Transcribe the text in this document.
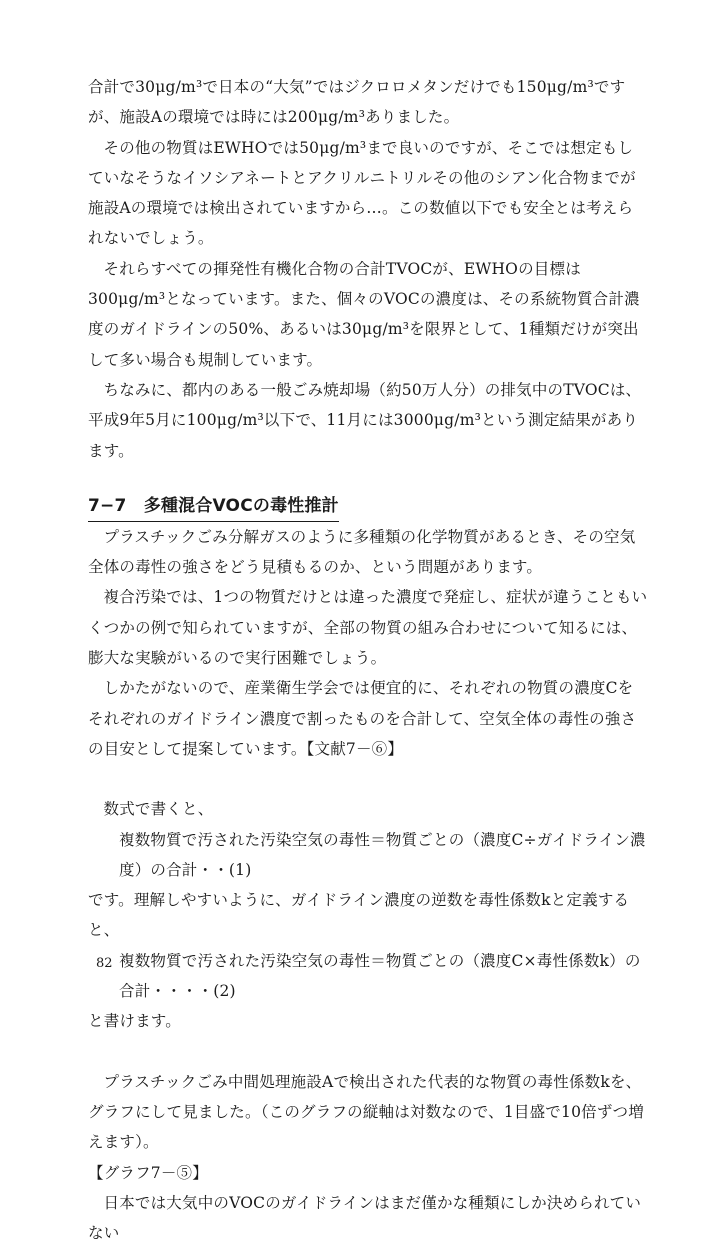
合計で30μg/m³で日本の“大気”ではジクロロメタンだけでも150μg/m³ですが、施設Aの環境では時には200μg/m³ありました。

その他の物質はEWHOでは50μg/m³まで良いのですが、そこでは想定もしていなそうなイソシアネートとアクリルニトリルその他のシアン化合物までが施設Aの環境では検出されていますから…。この数値以下でも安全とは考えられないでしょう。

それらすべての揮発性有機化合物の合計TVOCが、EWHOの目標は300μg/m³となっています。また、個々のVOCの濃度は、その系統物質合計濃度のガイドラインの50%、あるいは30μg/m³を限界として、1種類だけが突出して多い場合も規制しています。

ちなみに、都内のある一般ごみ焼却場（約50万人分）の排気中のTVOCは、平成9年5月に100μg/m³以下で、11月には3000μg/m³という測定結果があります。

7−7　多種混合VOCの毒性推計

プラスチックごみ分解ガスのように多種類の化学物質があるとき、その空気全体の毒性の強さをどう見積もるのか、という問題があります。

複合汚染では、1つの物質だけとは違った濃度で発症し、症状が違うこともいくつかの例で知られていますが、全部の物質の組み合わせについて知るには、膨大な実験がいるので実行困難でしょう。

しかたがないので、産業衛生学会では便宜的に、それぞれの物質の濃度Cをそれぞれのガイドライン濃度で割ったものを合計して、空気全体の毒性の強さの目安として提案しています。【文献7－⑥】

数式で書くと、

複数物質で汚された汚染空気の毒性＝物質ごとの（濃度C÷ガイドライン濃度）の合計・・(1)

です。理解しやすいように、ガイドライン濃度の逆数を毒性係数kと定義すると、

複数物質で汚された汚染空気の毒性＝物質ごとの（濃度C×毒性係数k）の合計・・・・(2)

と書けます。

プラスチックごみ中間処理施設Aで検出された代表的な物質の毒性係数kを、グラフにして見ました。（このグラフの縦軸は対数なので、1目盛で10倍ずつ増えます）。

【グラフ7－⑤】

日本では大気中のVOCのガイドラインはまだ僅かな種類にしか決められていない

82
